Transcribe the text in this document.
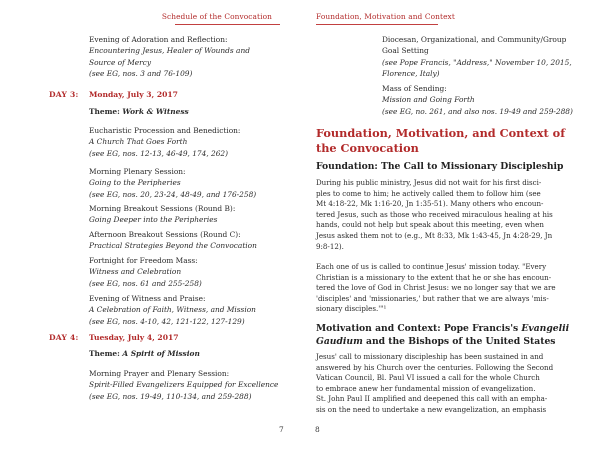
Schedule of the Convocation
Evening of Adoration and Reflection:
Encountering Jesus, Healer of Wounds and
Source of Mercy
(see EG, nos. 3 and 76-109)
DAY 3: Monday, July 3, 2017
Theme: Work & Witness
Eucharistic Procession and Benediction:
A Church That Goes Forth
(see EG, nos. 12-13, 46-49, 174, 262)
Morning Plenary Session:
Going to the Peripheries
(see EG, nos. 20, 23-24, 48-49, and 176-258)
Morning Breakout Sessions (Round B):
Going Deeper into the Peripheries
Afternoon Breakout Sessions (Round C):
Practical Strategies Beyond the Convocation
Fortnight for Freedom Mass:
Witness and Celebration
(see EG, nos. 61 and 255-258)
Evening of Witness and Praise:
A Celebration of Faith, Witness, and Mission
(see EG, nos. 4-10, 42, 121-122, 127-129)
DAY 4: Tuesday, July 4, 2017
Theme: A Spirit of Mission
Morning Prayer and Plenary Session:
Spirit-Filled Evangelizers Equipped for Excellence
(see EG, nos. 19-49, 110-134, and 259-288)
7
Foundation, Motivation and Context
Diocesan, Organizational, and Community/Group
Goal Setting
(see Pope Francis, "Address," November 10, 2015,
Florence, Italy)
Mass of Sending:
Mission and Going Forth
(see EG, no. 261, and also nos. 19-49 and 259-288)
Foundation, Motivation, and Context of
the Convocation
Foundation: The Call to Missionary Discipleship
During his public ministry, Jesus did not wait for his first disci-
ples to come to him; he actively called them to follow him (see
Mt 4:18-22, Mk 1:16-20, Jn 1:35-51). Many others who encoun-
tered Jesus, such as those who received miraculous healing at his
hands, could not help but speak about this meeting, even when
Jesus asked them not to (e.g., Mt 8:33, Mk 1:43-45, Jn 4:28-29, Jn
9:8-12).
Each one of us is called to continue Jesus' mission today. "Every
Christian is a missionary to the extent that he or she has encoun-
tered the love of God in Christ Jesus: we no longer say that we are
'disciples' and 'missionaries,' but rather that we are always 'mis-
sionary disciples.'"¹
Motivation and Context: Pope Francis's Evangelii
Gaudium and the Bishops of the United States
Jesus' call to missionary discipleship has been sustained in and
answered by his Church over the centuries. Following the Second
Vatican Council, Bl. Paul VI issued a call for the whole Church
to embrace anew her fundamental mission of evangelization.
St. John Paul II amplified and deepened this call with an empha-
sis on the need to undertake a new evangelization, an emphasis
8
